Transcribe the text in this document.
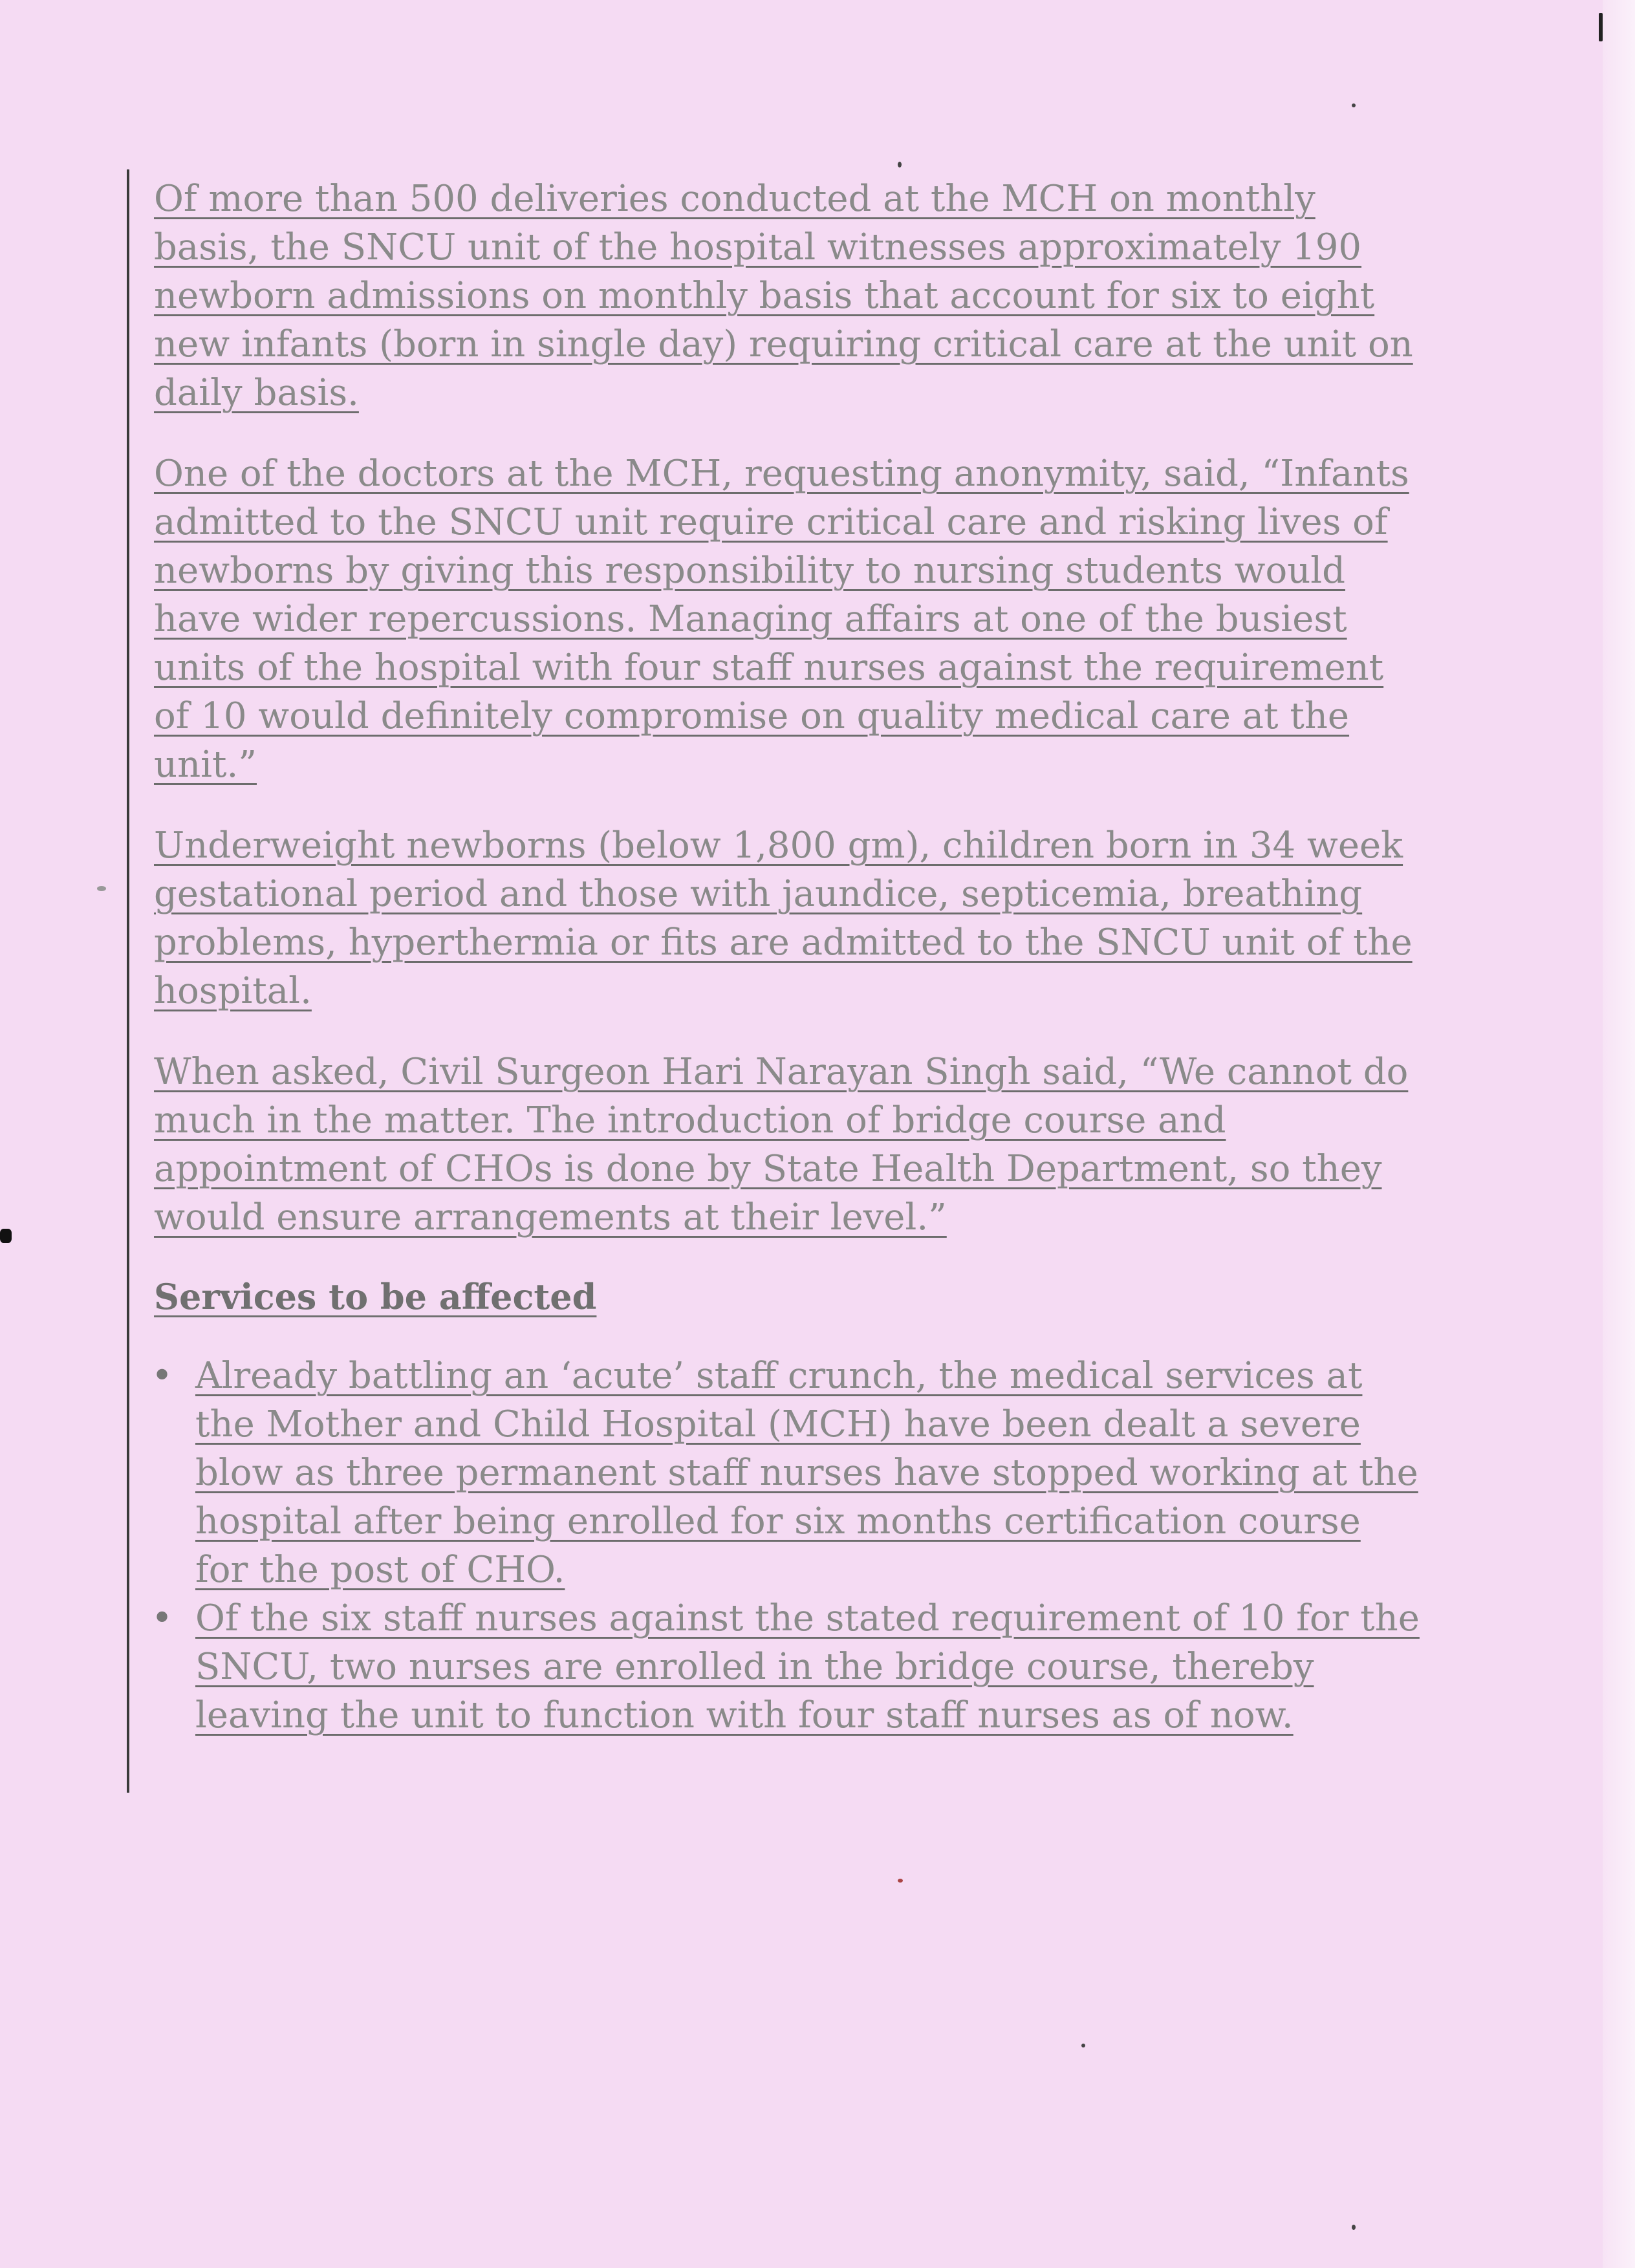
Of more than 500 deliveries conducted at the MCH on monthly basis, the SNCU unit of the hospital witnesses approximately 190 newborn admissions on monthly basis that account for six to eight new infants (born in single day) requiring critical care at the unit on daily basis.

One of the doctors at the MCH, requesting anonymity, said, “Infants admitted to the SNCU unit require critical care and risking lives of newborns by giving this responsibility to nursing students would have wider repercussions. Managing affairs at one of the busiest units of the hospital with four staff nurses against the requirement of 10 would definitely compromise on quality medical care at the unit.”

Underweight newborns (below 1,800 gm), children born in 34 week gestational period and those with jaundice, septicemia, breathing problems, hyperthermia or fits are admitted to the SNCU unit of the hospital.

When asked, Civil Surgeon Hari Narayan Singh said, “We cannot do much in the matter. The introduction of bridge course and appointment of CHOs is done by State Health Department, so they would ensure arrangements at their level.”

Services to be affected
• Already battling an ‘acute’ staff crunch, the medical services at the Mother and Child Hospital (MCH) have been dealt a severe blow as three permanent staff nurses have stopped working at the hospital after being enrolled for six months certification course for the post of CHO.
• Of the six staff nurses against the stated requirement of 10 for the SNCU, two nurses are enrolled in the bridge course, thereby leaving the unit to function with four staff nurses as of now.
